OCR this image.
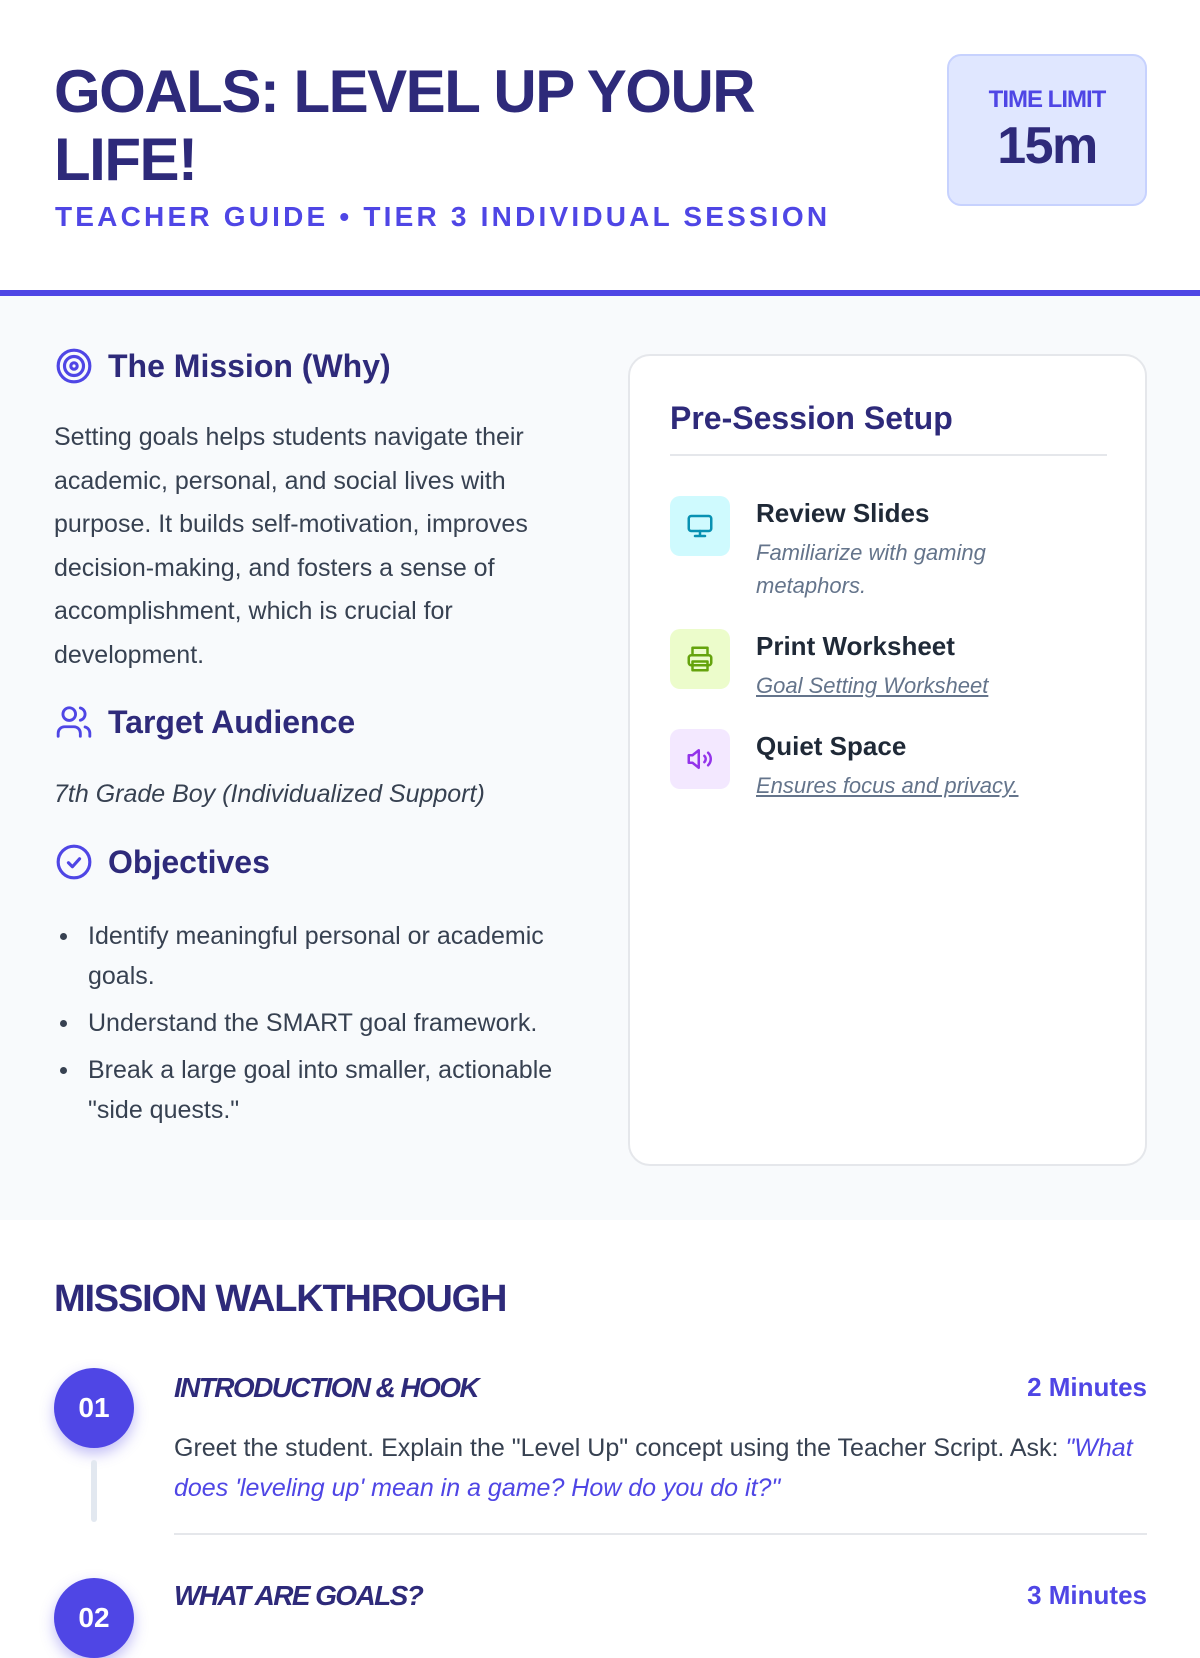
GOALS: LEVEL UP YOUR LIFE!
TEACHER GUIDE • TIER 3 INDIVIDUAL SESSION
TIME LIMIT
15m
The Mission (Why)

Setting goals helps students navigate their academic, personal, and social lives with purpose. It builds self-motivation, improves decision-making, and fosters a sense of accomplishment, which is crucial for development.

Target Audience

7th Grade Boy (Individualized Support)

Objectives
Identify meaningful personal or academic goals.
Understand the SMART goal framework.
Break a large goal into smaller, actionable "side quests."
Pre-Session Setup
Review Slides
Familiarize with gaming metaphors.
Print Worksheet
Goal Setting Worksheet
Quiet Space
Ensures focus and privacy.
MISSION WALKTHROUGH
01
INTRODUCTION & HOOK	2 Minutes

Greet the student. Explain the "Level Up" concept using the Teacher Script. Ask: "What does 'leveling up' mean in a game? How do you do it?"

02
WHAT ARE GOALS?	3 Minutes
